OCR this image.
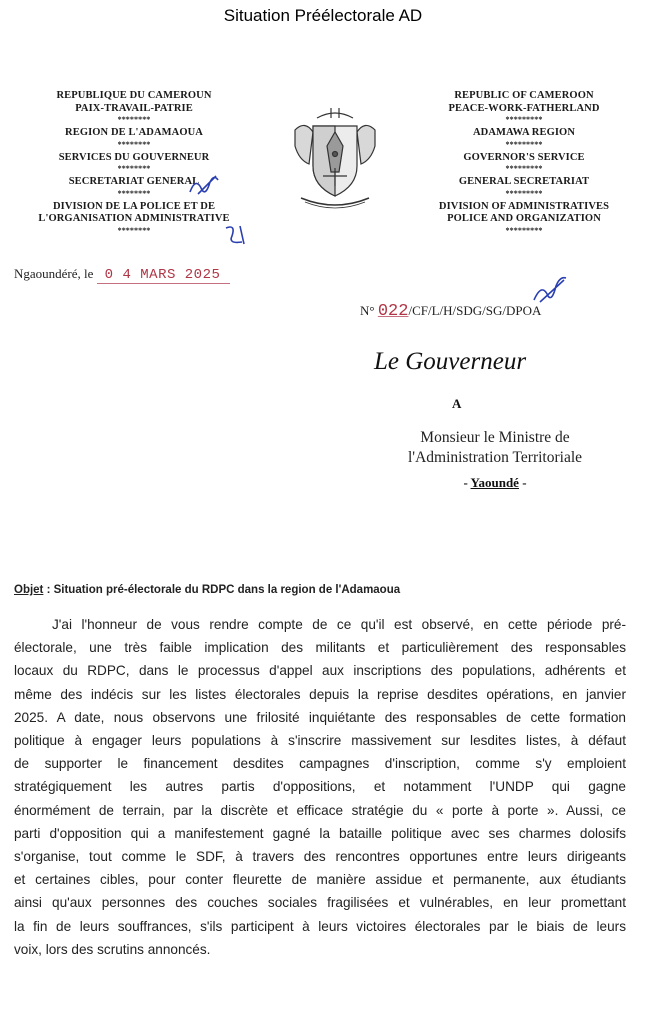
Situation Préélectorale AD
REPUBLIQUE DU CAMEROUN
PAIX-TRAVAIL-PATRIE
********
REGION DE L'ADAMAOUA
********
SERVICES DU GOUVERNEUR
********
SECRETARIAT GENERAL
********
DIVISION DE LA POLICE ET DE
L'ORGANISATION ADMINISTRATIVE
********
REPUBLIC OF CAMEROON
PEACE-WORK-FATHERLAND
*********
ADAMAWA REGION
*********
GOVERNOR'S SERVICE
*********
GENERAL SECRETARIAT
*********
DIVISION OF ADMINISTRATIVES
POLICE AND ORGANIZATION
*********
Ngaoundéré, le 0 4 MARS 2025
N° 022/CF/L/H/SDG/SG/DPOA
Le Gouverneur
A
Monsieur le Ministre de
l'Administration Territoriale
- Yaoundé -
Objet : Situation pré-électorale du RDPC dans la region de l'Adamaoua
J'ai l'honneur de vous rendre compte de ce qu'il est observé, en cette période pré-
électorale, une très faible implication des militants et particulièrement des responsables
locaux du RDPC, dans le processus d'appel aux inscriptions des populations, adhérents et
même des indécis sur les listes électorales depuis la reprise desdites opérations, en janvier
2025. A date, nous observons une frilosité inquiétante des responsables de cette formation
politique à engager leurs populations à s'inscrire massivement sur lesdites listes, à défaut
de supporter le financement desdites campagnes d'inscription, comme s'y emploient
stratégiquement les autres partis d'oppositions, et notamment l'UNDP qui gagne
énormément de terrain, par la discrète et efficace stratégie du « porte à porte ». Aussi, ce
parti d'opposition qui a manifestement gagné la bataille politique avec ses charmes dolosifs
s'organise, tout comme le SDF, à travers des rencontres opportunes entre leurs dirigeants
et certaines cibles, pour conter fleurette de manière assidue et permanente, aux étudiants
ainsi qu'aux personnes des couches sociales fragilisées et vulnérables, en leur promettant
la fin de leurs souffrances, s'ils participent à leurs victoires électorales par le biais de leurs
voix, lors des scrutins annoncés.
